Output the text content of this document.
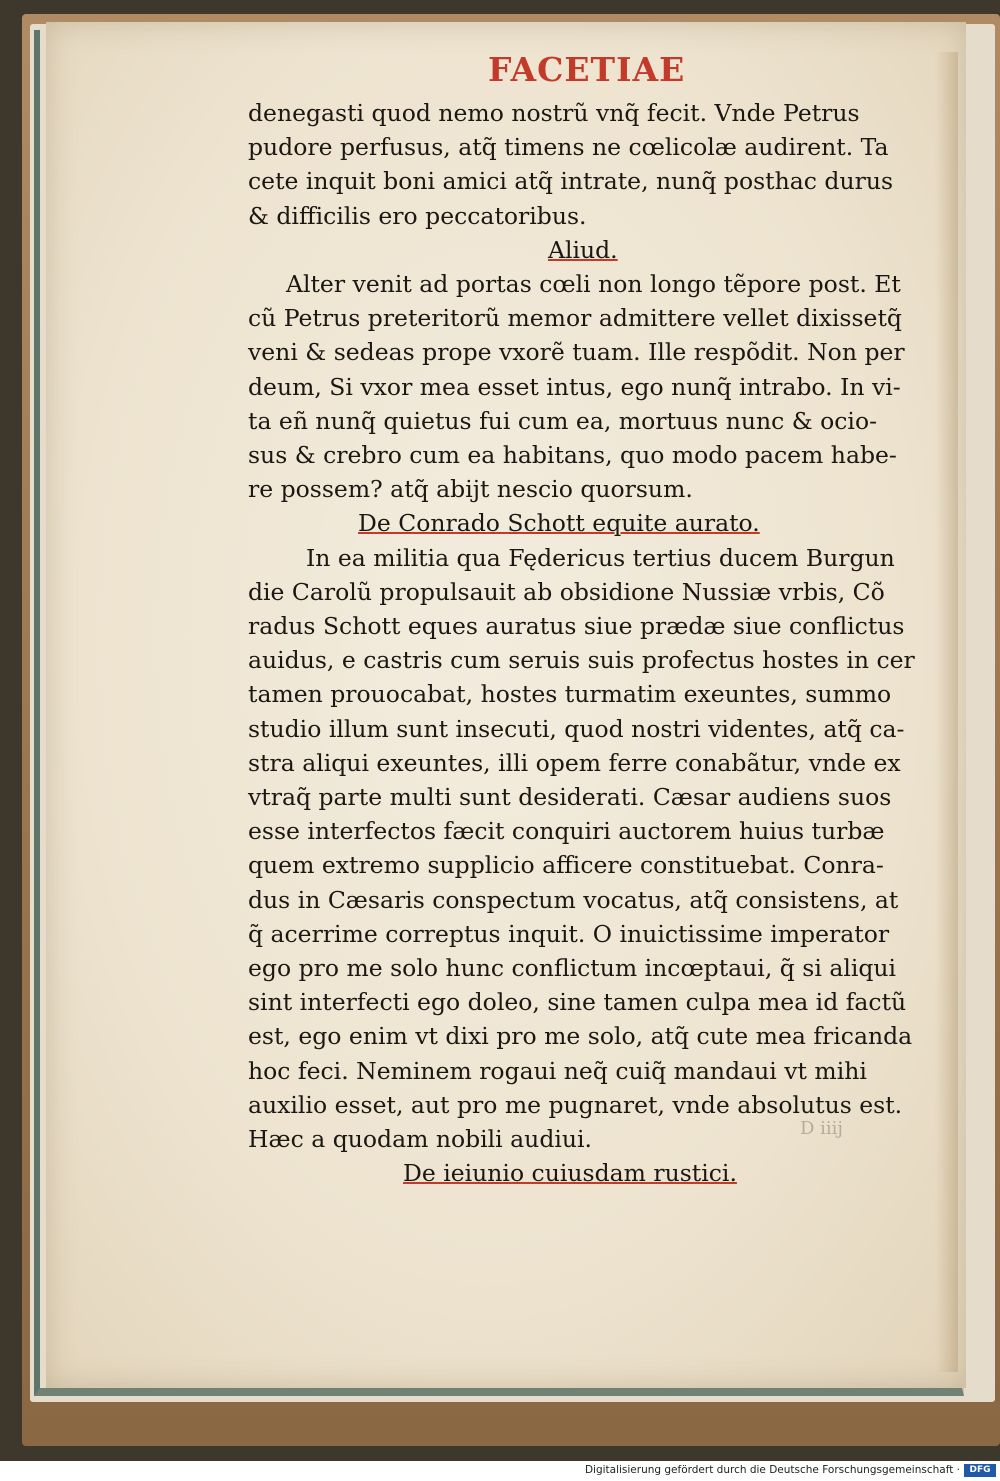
FACETIAE
denegasti quod nemo nostrũ vnq̃ fecit. Vnde Petrus
pudore perfusus, atq̃ timens ne cœlicolæ audirent. Ta
cete inquit boni amici atq̃ intrate, nunq̃ posthac durus
& difficilis ero peccatoribus.
Aliud.
Alter venit ad portas cœli non longo tẽpore post. Et
cũ Petrus preteritorũ memor admittere vellet dixissetq̃
veni & sedeas prope vxorẽ tuam. Ille respõdit. Non per
deum, Si vxor mea esset intus, ego nunq̃ intrabo. In vi-
ta eñ nunq̃ quietus fui cum ea, mortuus nunc & ocio-
sus & crebro cum ea habitans, quo modo pacem habe-
re possem? atq̃ abijt nescio quorsum.
De Conrado Schott equite aurato.
In ea militia qua Fędericus tertius ducem Burgun
die Carolũ propulsauit ab obsidione Nussiæ vrbis, Cõ
radus Schott eques auratus siue prædæ siue conflictus
auidus, e castris cum seruis suis profectus hostes in cer
tamen prouocabat, hostes turmatim exeuntes, summo
studio illum sunt insecuti, quod nostri videntes, atq̃ ca-
stra aliqui exeuntes, illi opem ferre conabãtur, vnde ex
vtraq̃ parte multi sunt desiderati. Cæsar audiens suos
esse interfectos fæcit conquiri auctorem huius turbæ
quem extremo supplicio afficere constituebat. Conra-
dus in Cæsaris conspectum vocatus, atq̃ consistens, at
q̃ acerrime correptus inquit. O inuictissime imperator
ego pro me solo hunc conflictum incœptaui, q̃ si aliqui
sint interfecti ego doleo, sine tamen culpa mea id factũ
est, ego enim vt dixi pro me solo, atq̃ cute mea fricanda
hoc feci. Neminem rogaui neq̃ cuiq̃ mandaui vt mihi
auxilio esset, aut pro me pugnaret, vnde absolutus est.
Hæc a quodam nobili audiui.
De ieiunio cuiusdam rustici.
D iiij
Digitalisierung gefördert durch die Deutsche Forschungsgemeinschaft ·	DFG
